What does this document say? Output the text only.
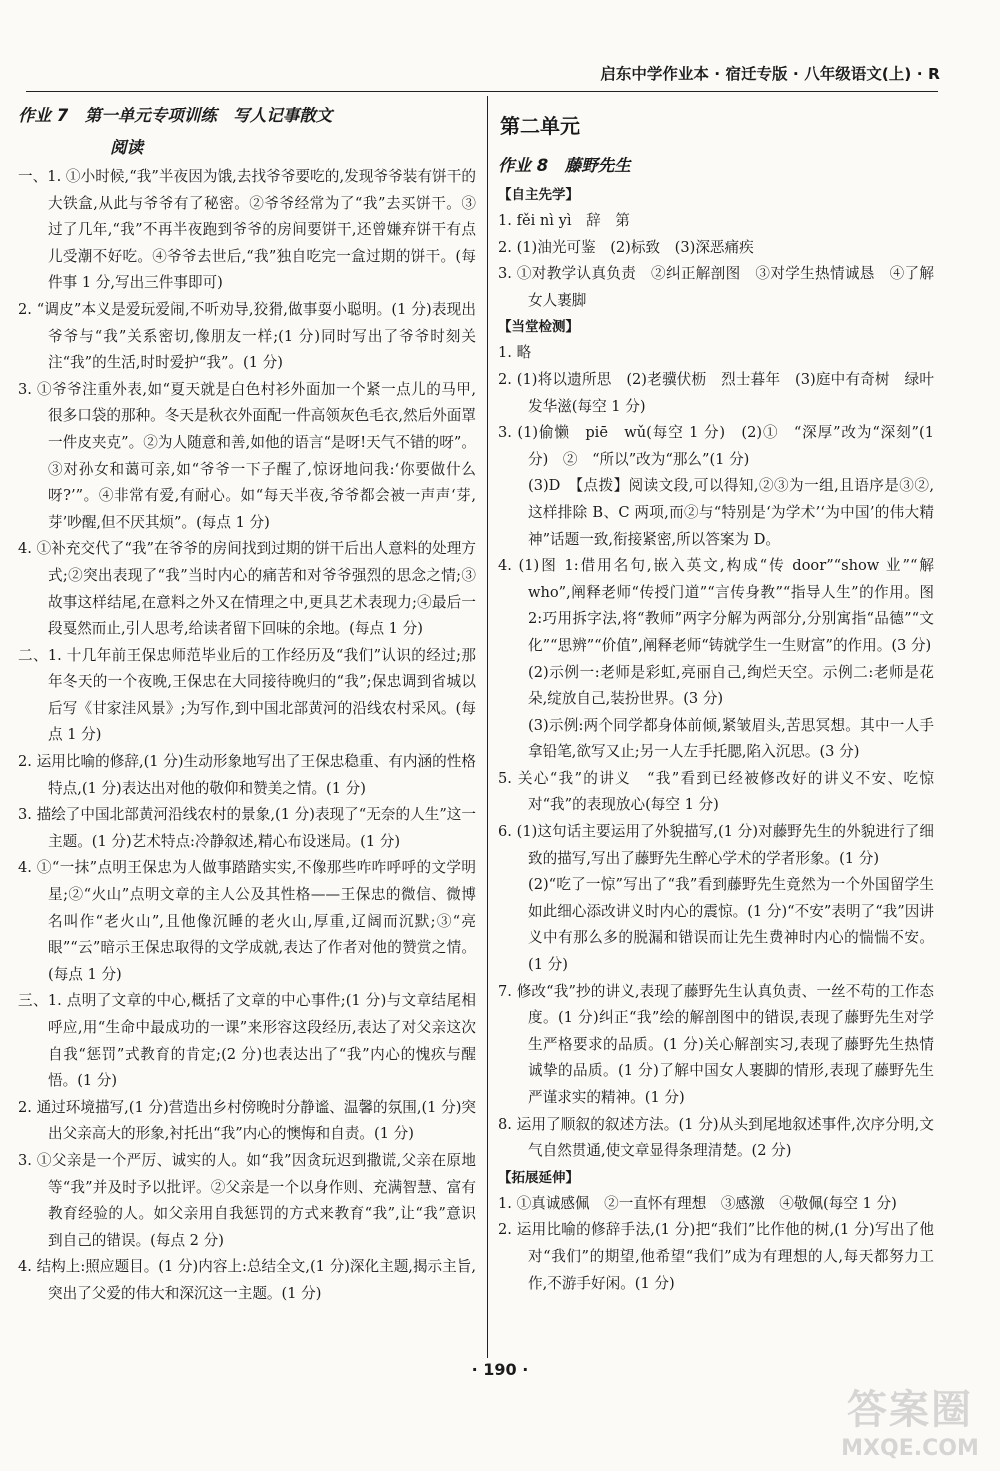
启东中学作业本 · 宿迁专版 · 八年级语文(上) · R
作业 7　第一单元专项训练　写人记事散文
阅读
一、1. ①小时候,“我”半夜因为饿,去找爷爷要吃的,发现爷爷装有饼干的大铁盒,从此与爷爷有了秘密。②爷爷经常为了“我”去买饼干。③过了几年,“我”不再半夜跑到爷爷的房间要饼干,还曾嫌弃饼干有点儿受潮不好吃。④爷爷去世后,“我”独自吃完一盒过期的饼干。(每件事 1 分,写出三件事即可)
2. “调皮”本义是爱玩爱闹,不听劝导,狡猾,做事耍小聪明。(1 分)表现出爷爷与“我”关系密切,像朋友一样;(1 分)同时写出了爷爷时刻关注“我”的生活,时时爱护“我”。(1 分)
3. ①爷爷注重外表,如“夏天就是白色村衫外面加一个紧一点儿的马甲,很多口袋的那种。冬天是秋衣外面配一件高领灰色毛衣,然后外面罩一件皮夹克”。②为人随意和善,如他的语言“是呀!天气不错的呀”。③对孙女和蔼可亲,如“爷爷一下子醒了,惊讶地问我:‘你要做什么呀?’”。④非常有爱,有耐心。如“每天半夜,爷爷都会被一声声‘芽,芽’吵醒,但不厌其烦”。(每点 1 分)
4. ①补充交代了“我”在爷爷的房间找到过期的饼干后出人意料的处理方式;②突出表现了“我”当时内心的痛苦和对爷爷强烈的思念之情;③故事这样结尾,在意料之外又在情理之中,更具艺术表现力;④最后一段戛然而止,引人思考,给读者留下回味的余地。(每点 1 分)
二、1. 十几年前王保忠师范毕业后的工作经历及“我们”认识的经过;那年冬天的一个夜晚,王保忠在大同接待晚归的“我”;保忠调到省城以后写《甘家洼风景》;为写作,到中国北部黄河的沿线农村采风。(每点 1 分)
2. 运用比喻的修辞,(1 分)生动形象地写出了王保忠稳重、有内涵的性格特点,(1 分)表达出对他的敬仰和赞美之情。(1 分)
3. 描绘了中国北部黄河沿线农村的景象,(1 分)表现了“无奈的人生”这一主题。(1 分)艺术特点:冷静叙述,精心布设迷局。(1 分)
4. ①“一抹”点明王保忠为人做事踏踏实实,不像那些咋咋呼呼的文学明星;②“火山”点明文章的主人公及其性格——王保忠的微信、微博名叫作“老火山”,且他像沉睡的老火山,厚重,辽阔而沉默;③“亮眼”“云”暗示王保忠取得的文学成就,表达了作者对他的赞赏之情。(每点 1 分)
三、1. 点明了文章的中心,概括了文章的中心事件;(1 分)与文章结尾相呼应,用“生命中最成功的一课”来形容这段经历,表达了对父亲这次自我“惩罚”式教育的肯定;(2 分)也表达出了“我”内心的愧疚与醒悟。(1 分)
2. 通过环境描写,(1 分)营造出乡村傍晚时分静谧、温馨的氛围,(1 分)突出父亲高大的形象,衬托出“我”内心的懊悔和自责。(1 分)
3. ①父亲是一个严厉、诚实的人。如“我”因贪玩迟到撒谎,父亲在原地等“我”并及时予以批评。②父亲是一个以身作则、充满智慧、富有教育经验的人。如父亲用自我惩罚的方式来教育“我”,让“我”意识到自己的错误。(每点 2 分)
4. 结构上:照应题目。(1 分)内容上:总结全文,(1 分)深化主题,揭示主旨,突出了父爱的伟大和深沉这一主题。(1 分)
第二单元
作业 8　藤野先生
【自主先学】
1. fěi nì yì　辞　第
2. (1)油光可鉴　(2)标致　(3)深恶痛疾
3. ①对教学认真负责　②纠正解剖图　③对学生热情诚恳　④了解女人裹脚
【当堂检测】
1. 略
2. (1)将以遗所思　(2)老骥伏枥　烈士暮年　(3)庭中有奇树　绿叶发华滋(每空 1 分)
3. (1)偷懒　piē　wǔ(每空 1 分)　(2)①　“深厚”改为“深刻”(1 分)　②　“所以”改为“那么”(1 分)
(3)D　【点拨】阅读文段,可以得知,②③为一组,且语序是③②,这样排除 B、C 两项,而②与“特别是‘为学术’‘为中国’的伟大精神”话题一致,衔接紧密,所以答案为 D。
4. (1)图 1:借用名句,嵌入英文,构成“传 door”“show 业”“解 who”,阐释老师“传授门道”“言传身教”“指导人生”的作用。图 2:巧用拆字法,将“教师”两字分解为两部分,分别寓指“品德”“文化”“思辨”“价值”,阐释老师“铸就学生一生财富”的作用。(3 分)
(2)示例一:老师是彩虹,亮丽自己,绚烂天空。示例二:老师是花朵,绽放自己,装扮世界。(3 分)
(3)示例:两个同学都身体前倾,紧皱眉头,苦思冥想。其中一人手拿铅笔,欲写又止;另一人左手托腮,陷入沉思。(3 分)
5. 关心“我”的讲义　“我”看到已经被修改好的讲义不安、吃惊　对“我”的表现放心(每空 1 分)
6. (1)这句话主要运用了外貌描写,(1 分)对藤野先生的外貌进行了细致的描写,写出了藤野先生醉心学术的学者形象。(1 分)
(2)“吃了一惊”写出了“我”看到藤野先生竟然为一个外国留学生如此细心添改讲义时内心的震惊。(1 分)“不安”表明了“我”因讲义中有那么多的脱漏和错误而让先生费神时内心的惴惴不安。(1 分)
7. 修改“我”抄的讲义,表现了藤野先生认真负责、一丝不苟的工作态度。(1 分)纠正“我”绘的解剖图中的错误,表现了藤野先生对学生严格要求的品质。(1 分)关心解剖实习,表现了藤野先生热情诚挚的品质。(1 分)了解中国女人裹脚的情形,表现了藤野先生严谨求实的精神。(1 分)
8. 运用了顺叙的叙述方法。(1 分)从头到尾地叙述事件,次序分明,文气自然贯通,使文章显得条理清楚。(2 分)
【拓展延伸】
1. ①真诚感佩　②一直怀有理想　③感激　④敬佩(每空 1 分)
2. 运用比喻的修辞手法,(1 分)把“我们”比作他的树,(1 分)写出了他对“我们”的期望,他希望“我们”成为有理想的人,每天都努力工作,不游手好闲。(1 分)
· 190 ·
答案圈
MXQE.COM
